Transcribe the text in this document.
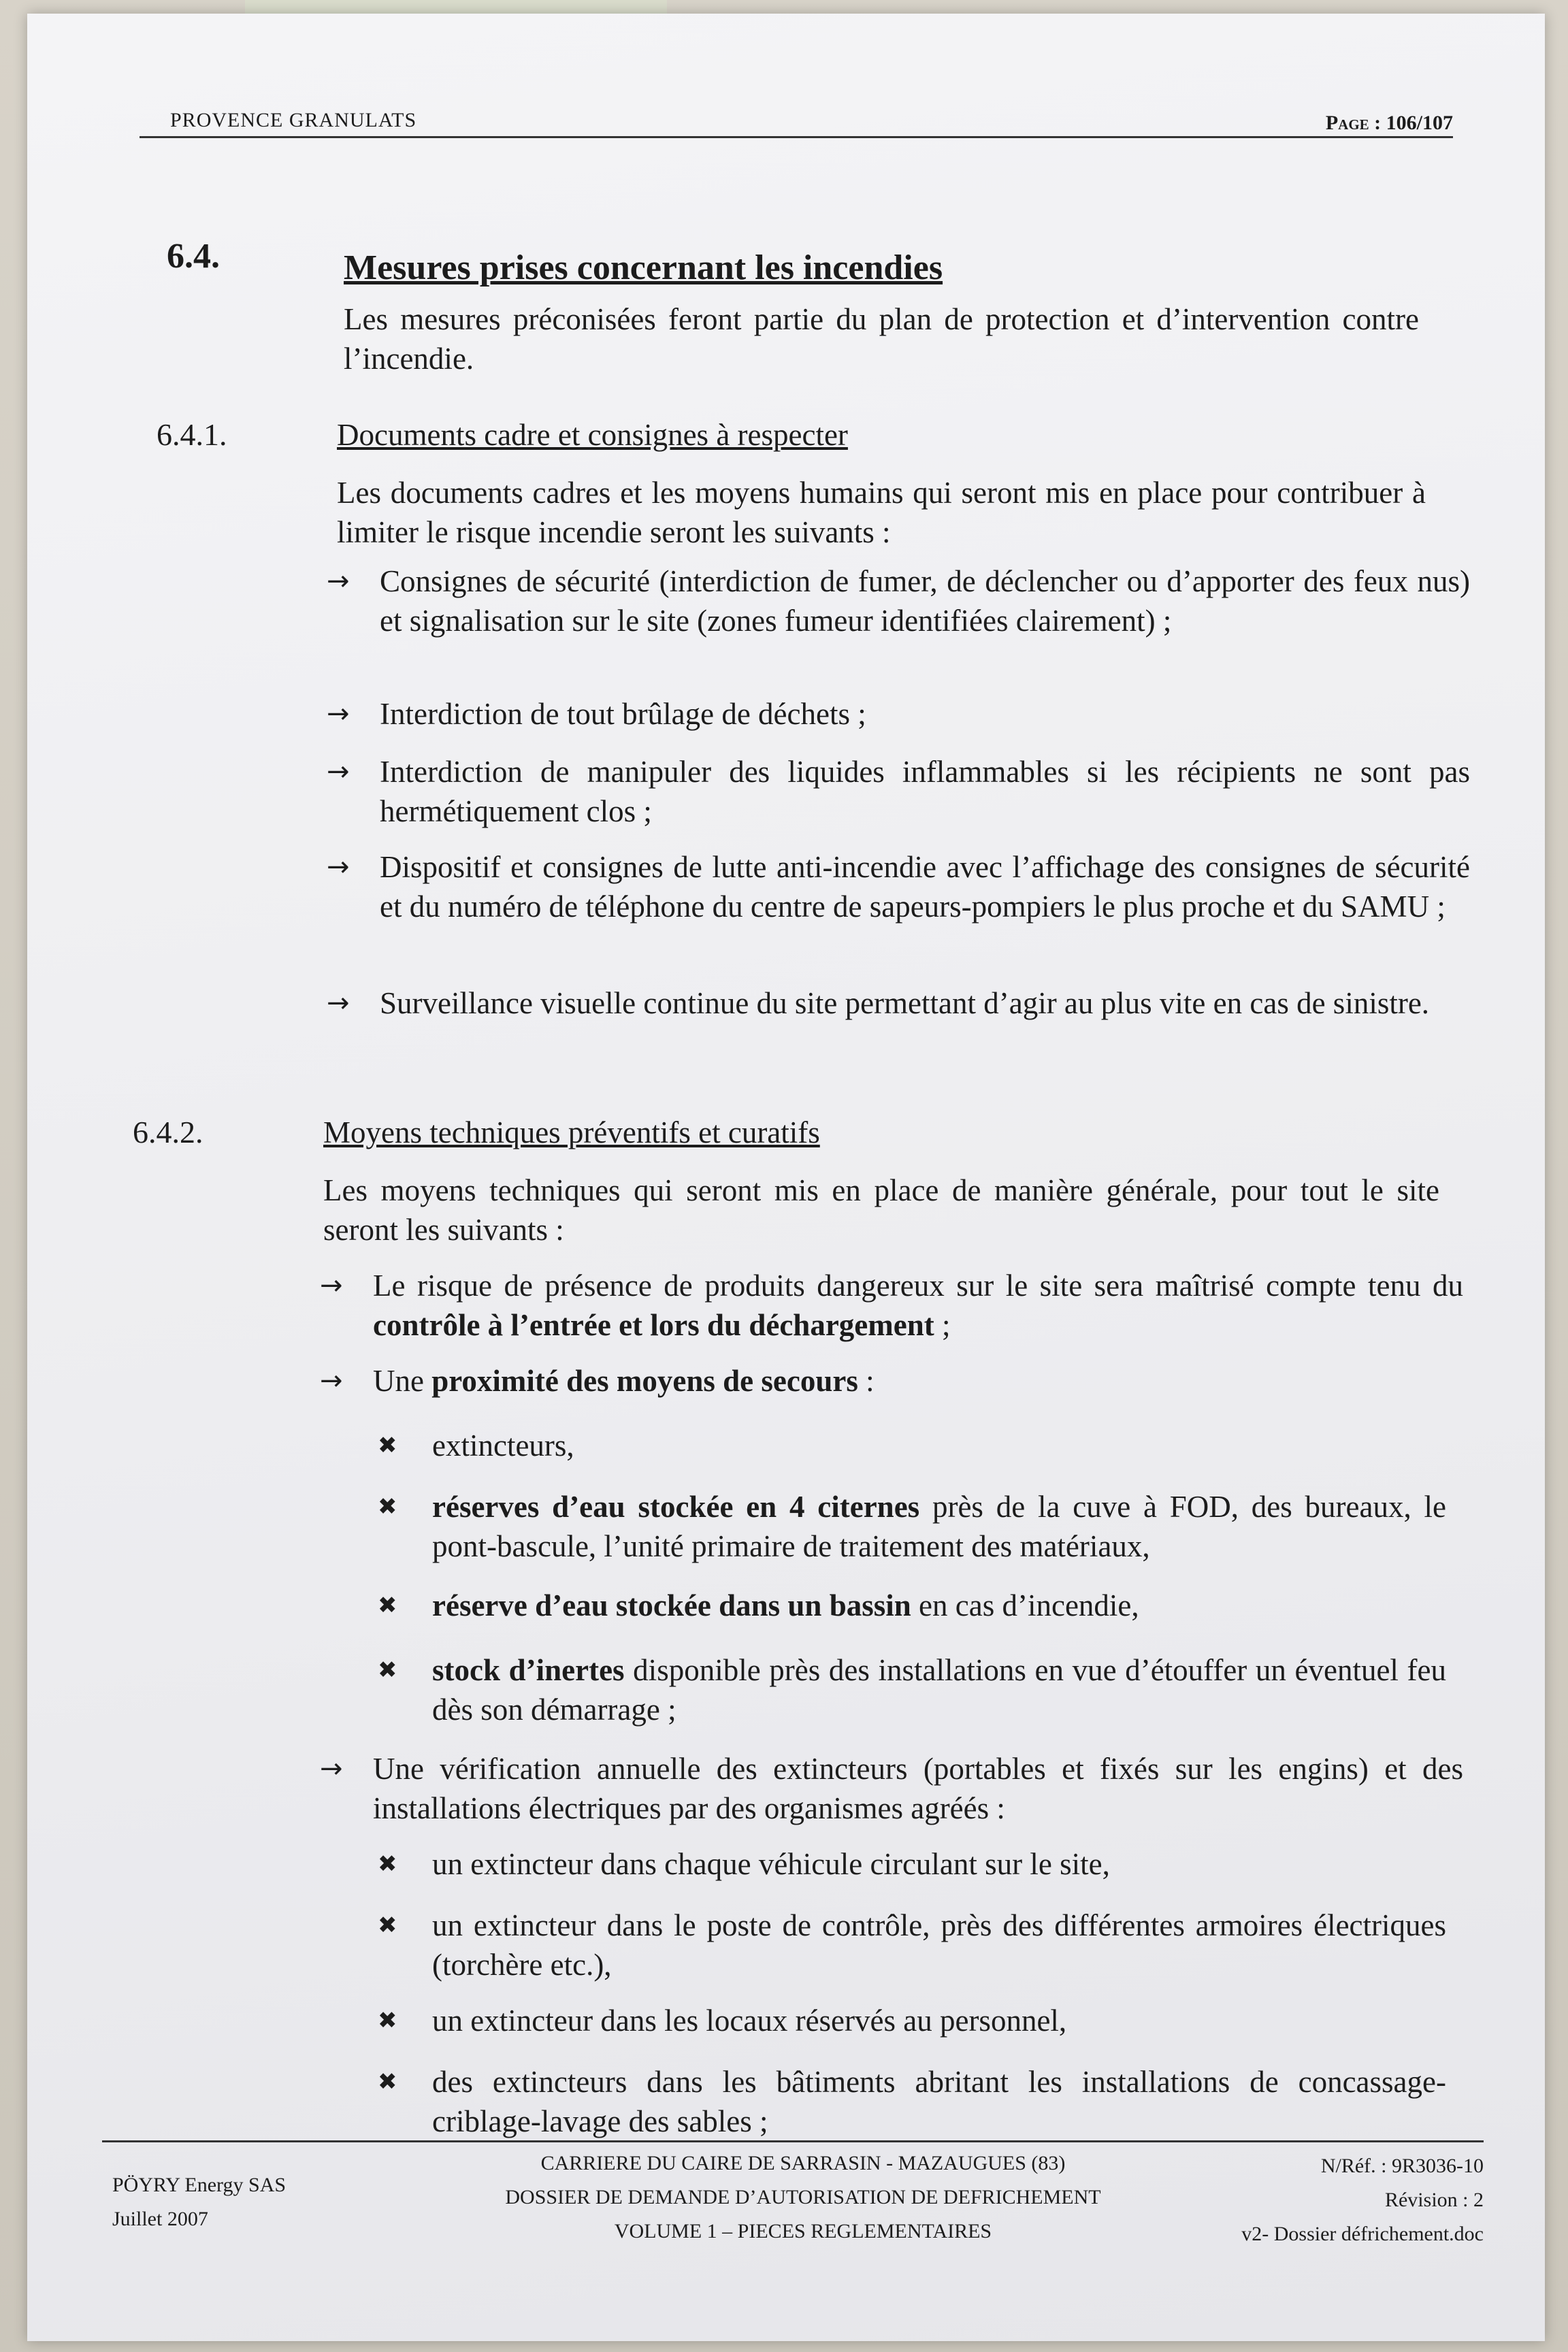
PROVENCE GRANULATS	Page : 106/107
6.4.	Mesures prises concernant les incendies
Les mesures préconisées feront partie du plan de protection et d’intervention contre l’incendie.
6.4.1.	Documents cadre et consignes à respecter
Les documents cadres et les moyens humains qui seront mis en place pour contribuer à limiter le risque incendie seront les suivants :
→ Consignes de sécurité (interdiction de fumer, de déclencher ou d’apporter des feux nus) et signalisation sur le site (zones fumeur identifiées clairement) ;
→ Interdiction de tout brûlage de déchets ;
→ Interdiction de manipuler des liquides inflammables si les récipients ne sont pas hermétiquement clos ;
→ Dispositif et consignes de lutte anti-incendie avec l’affichage des consignes de sécurité et du numéro de téléphone du centre de sapeurs-pompiers le plus proche et du SAMU ;
→ Surveillance visuelle continue du site permettant d’agir au plus vite en cas de sinistre.
6.4.2.	Moyens techniques préventifs et curatifs
Les moyens techniques qui seront mis en place de manière générale, pour tout le site seront les suivants :
→ Le risque de présence de produits dangereux sur le site sera maîtrisé compte tenu du contrôle à l’entrée et lors du déchargement ;
→ Une proximité des moyens de secours :
✖	extincteurs,
✖	réserves d’eau stockée en 4 citernes près de la cuve à FOD, des bureaux, le pont-bascule, l’unité primaire de traitement des matériaux,
✖	réserve d’eau stockée dans un bassin en cas d’incendie,
✖	stock d’inertes disponible près des installations en vue d’étouffer un éventuel feu dès son démarrage ;
→ Une vérification annuelle des extincteurs (portables et fixés sur les engins) et des installations électriques par des organismes agréés :
✖	un extincteur dans chaque véhicule circulant sur le site,
✖	un extincteur dans le poste de contrôle, près des différentes armoires électriques (torchère etc.),
✖	un extincteur dans les locaux réservés au personnel,
✖	des extincteurs dans les bâtiments abritant les installations de concassage-criblage-lavage des sables ;
PÖYRY Energy SAS
Juillet 2007
CARRIERE DU CAIRE DE SARRASIN - MAZAUGUES (83)
DOSSIER DE DEMANDE D’AUTORISATION DE DEFRICHEMENT
VOLUME 1 – PIECES REGLEMENTAIRES
N/Réf. : 9R3036-10
Révision : 2
v2- Dossier défrichement.doc
